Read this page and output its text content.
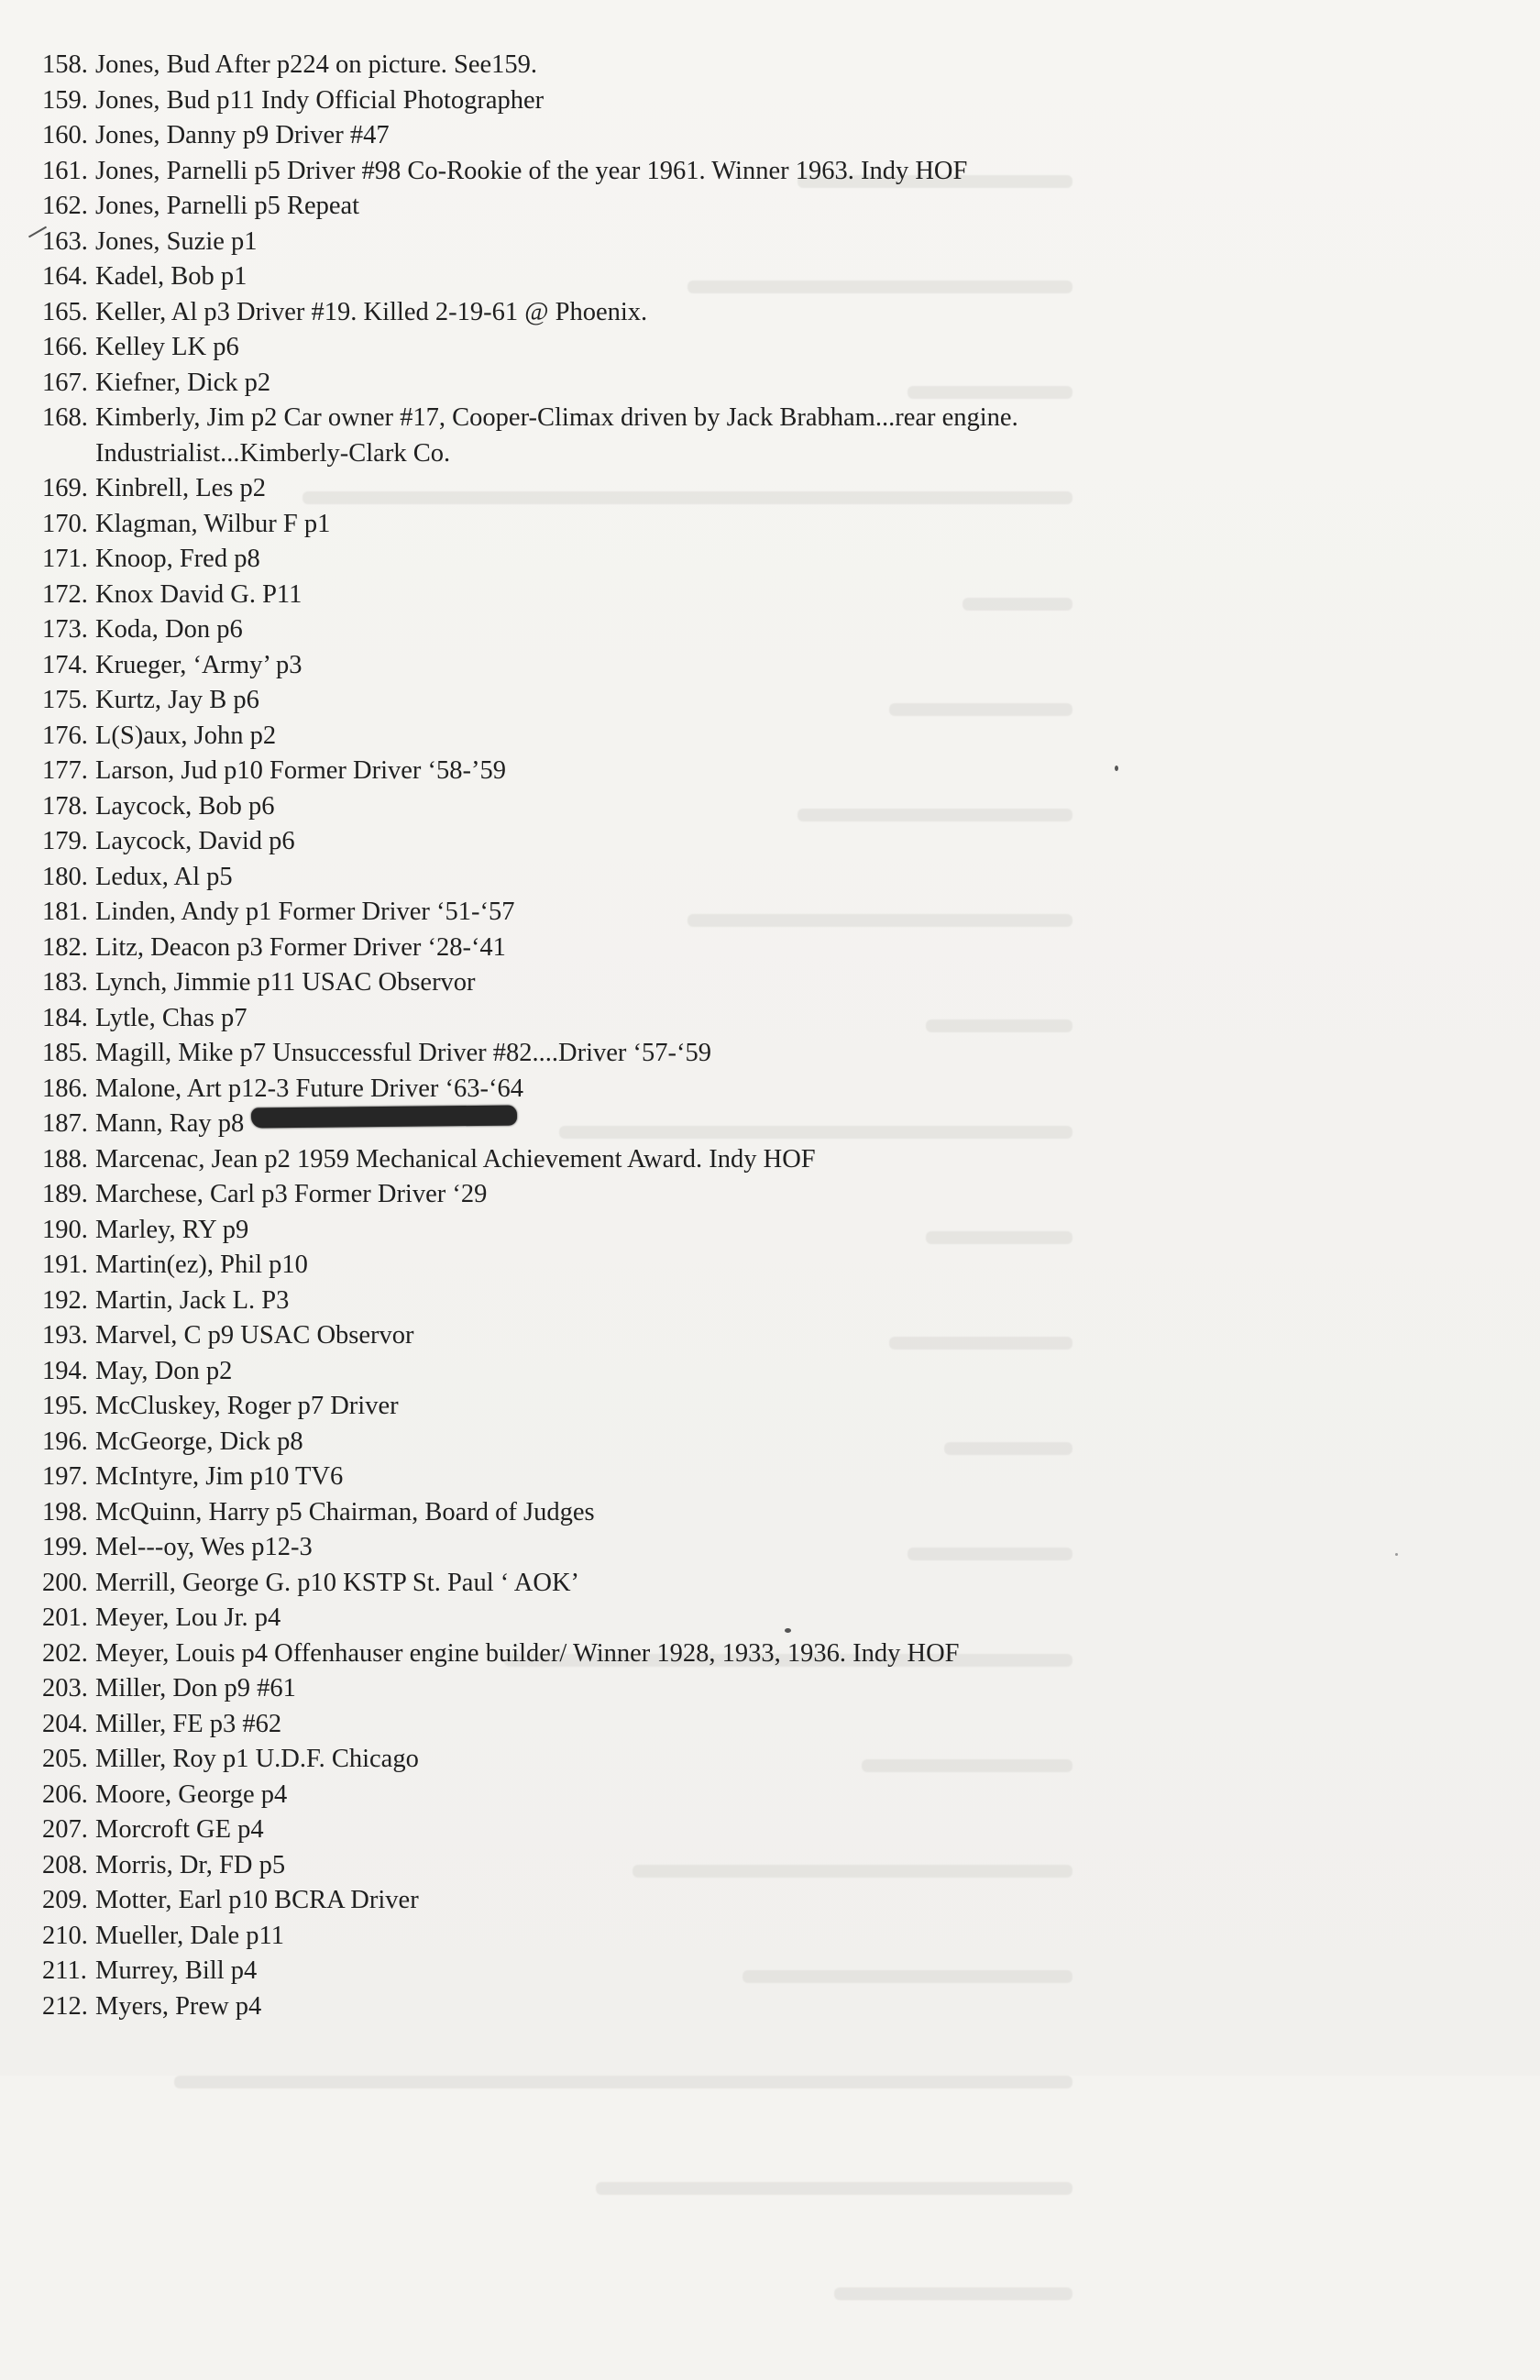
158. Jones, Bud After p224 on picture. See159.
159. Jones, Bud p11 Indy Official Photographer
160. Jones, Danny p9 Driver #47
161. Jones, Parnelli p5 Driver #98 Co-Rookie of the year 1961. Winner 1963. Indy HOF
162. Jones, Parnelli p5 Repeat
163. Jones, Suzie p1
164. Kadel, Bob p1
165. Keller, Al p3 Driver #19. Killed 2-19-61 @ Phoenix.
166. Kelley LK p6
167. Kiefner, Dick p2
168. Kimberly, Jim p2 Car owner #17, Cooper-Climax driven by Jack Brabham...rear engine.
Industrialist...Kimberly-Clark Co.
169. Kinbrell, Les p2
170. Klagman, Wilbur F p1
171. Knoop, Fred p8
172. Knox David G. P11
173. Koda, Don p6
174. Krueger, ‘Army’ p3
175. Kurtz, Jay B p6
176. L(S)aux, John p2
177. Larson, Jud p10 Former Driver ‘58-’59
178. Laycock, Bob p6
179. Laycock, David p6
180. Ledux, Al p5
181. Linden, Andy p1 Former Driver ‘51-‘57
182. Litz, Deacon p3 Former Driver ‘28-‘41
183. Lynch, Jimmie p11 USAC Observor
184. Lytle, Chas p7
185. Magill, Mike p7 Unsuccessful Driver #82....Driver ‘57-‘59
186. Malone, Art p12-3 Future Driver ‘63-‘64
187. Mann, Ray p8
188. Marcenac, Jean p2 1959 Mechanical Achievement Award. Indy HOF
189. Marchese, Carl p3 Former Driver ‘29
190. Marley, RY p9
191. Martin(ez), Phil p10
192. Martin, Jack L. P3
193. Marvel, C p9 USAC Observor
194. May, Don p2
195. McCluskey, Roger p7 Driver
196. McGeorge, Dick p8
197. McIntyre, Jim p10 TV6
198. McQuinn, Harry p5 Chairman, Board of Judges
199. Mel---oy, Wes p12-3
200. Merrill, George G. p10 KSTP St. Paul ‘ AOK’
201. Meyer, Lou Jr. p4
202. Meyer, Louis p4 Offenhauser engine builder/ Winner 1928, 1933, 1936. Indy HOF
203. Miller, Don p9 #61
204. Miller, FE p3 #62
205. Miller, Roy p1 U.D.F. Chicago
206. Moore, George p4
207. Morcroft GE p4
208. Morris, Dr, FD p5
209. Motter, Earl p10 BCRA Driver
210. Mueller, Dale p11
211. Murrey, Bill p4
212. Myers, Prew p4
